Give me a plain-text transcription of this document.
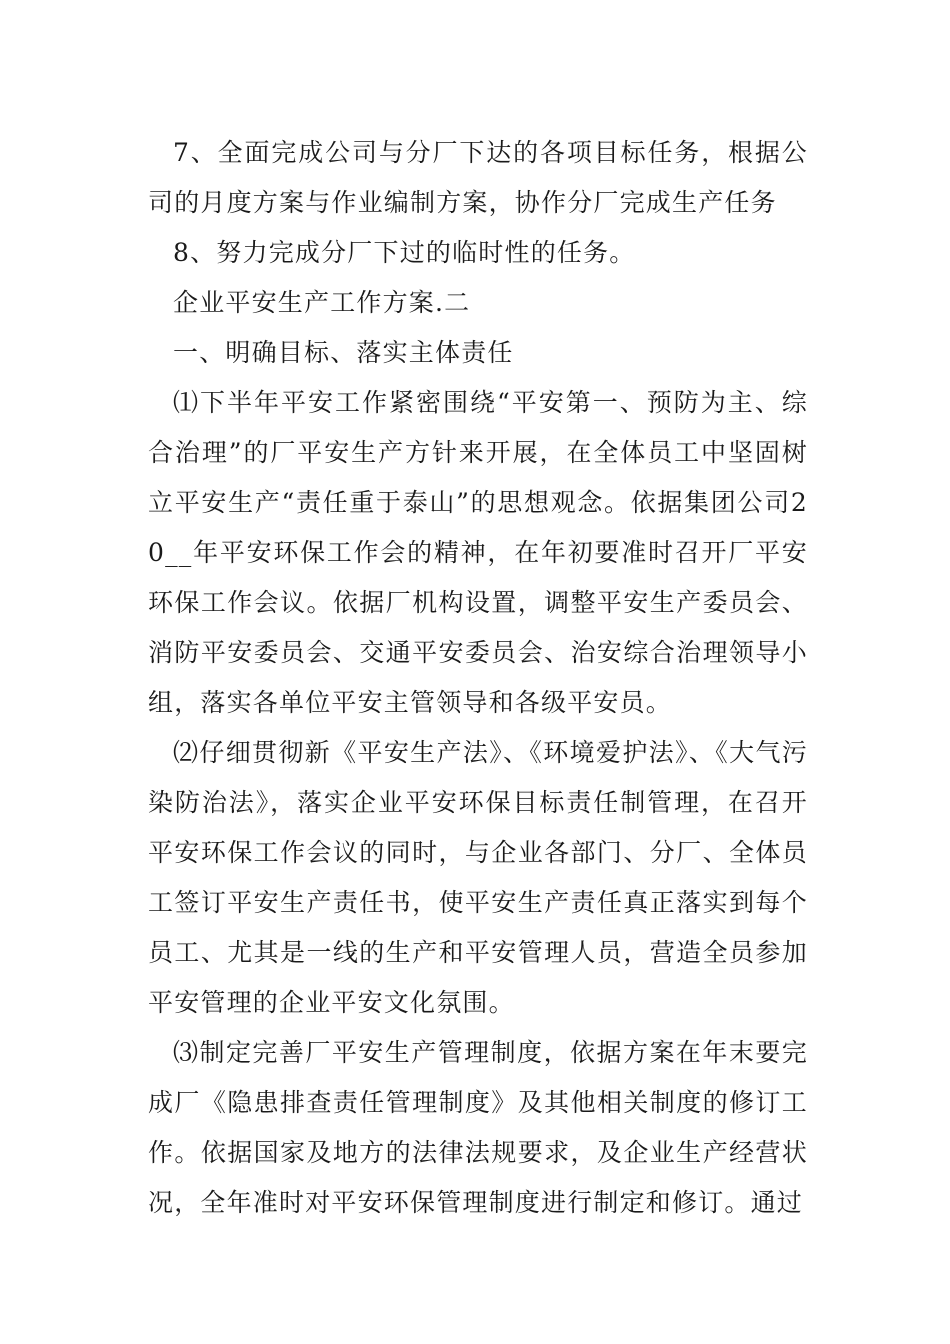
7、全面完成公司与分厂下达的各项目标任务，根据公司的月度方案与作业编制方案，协作分厂完成生产任务

8、努力完成分厂下过的临时性的任务。

企业平安生产工作方案.二

一、明确目标、落实主体责任

⑴下半年平安工作紧密围绕“平安第一、预防为主、综合治理”的厂平安生产方针来开展，在全体员工中坚固树立平安生产“责任重于泰山”的思想观念。依据集团公司20__年平安环保工作会的精神，在年初要准时召开厂平安环保工作会议。依据厂机构设置，调整平安生产委员会、消防平安委员会、交通平安委员会、治安综合治理领导小组，落实各单位平安主管领导和各级平安员。

⑵仔细贯彻新《平安生产法》、《环境爱护法》、《大气污染防治法》，落实企业平安环保目标责任制管理，在召开平安环保工作会议的同时，与企业各部门、分厂、全体员工签订平安生产责任书，使平安生产责任真正落实到每个员工、尤其是一线的生产和平安管理人员，营造全员参加平安管理的企业平安文化氛围。

⑶制定完善厂平安生产管理制度，依据方案在年末要完成厂《隐患排查责任管理制度》及其他相关制度的修订工作。依据国家及地方的法律法规要求，及企业生产经营状况，全年准时对平安环保管理制度进行制定和修订。通过
